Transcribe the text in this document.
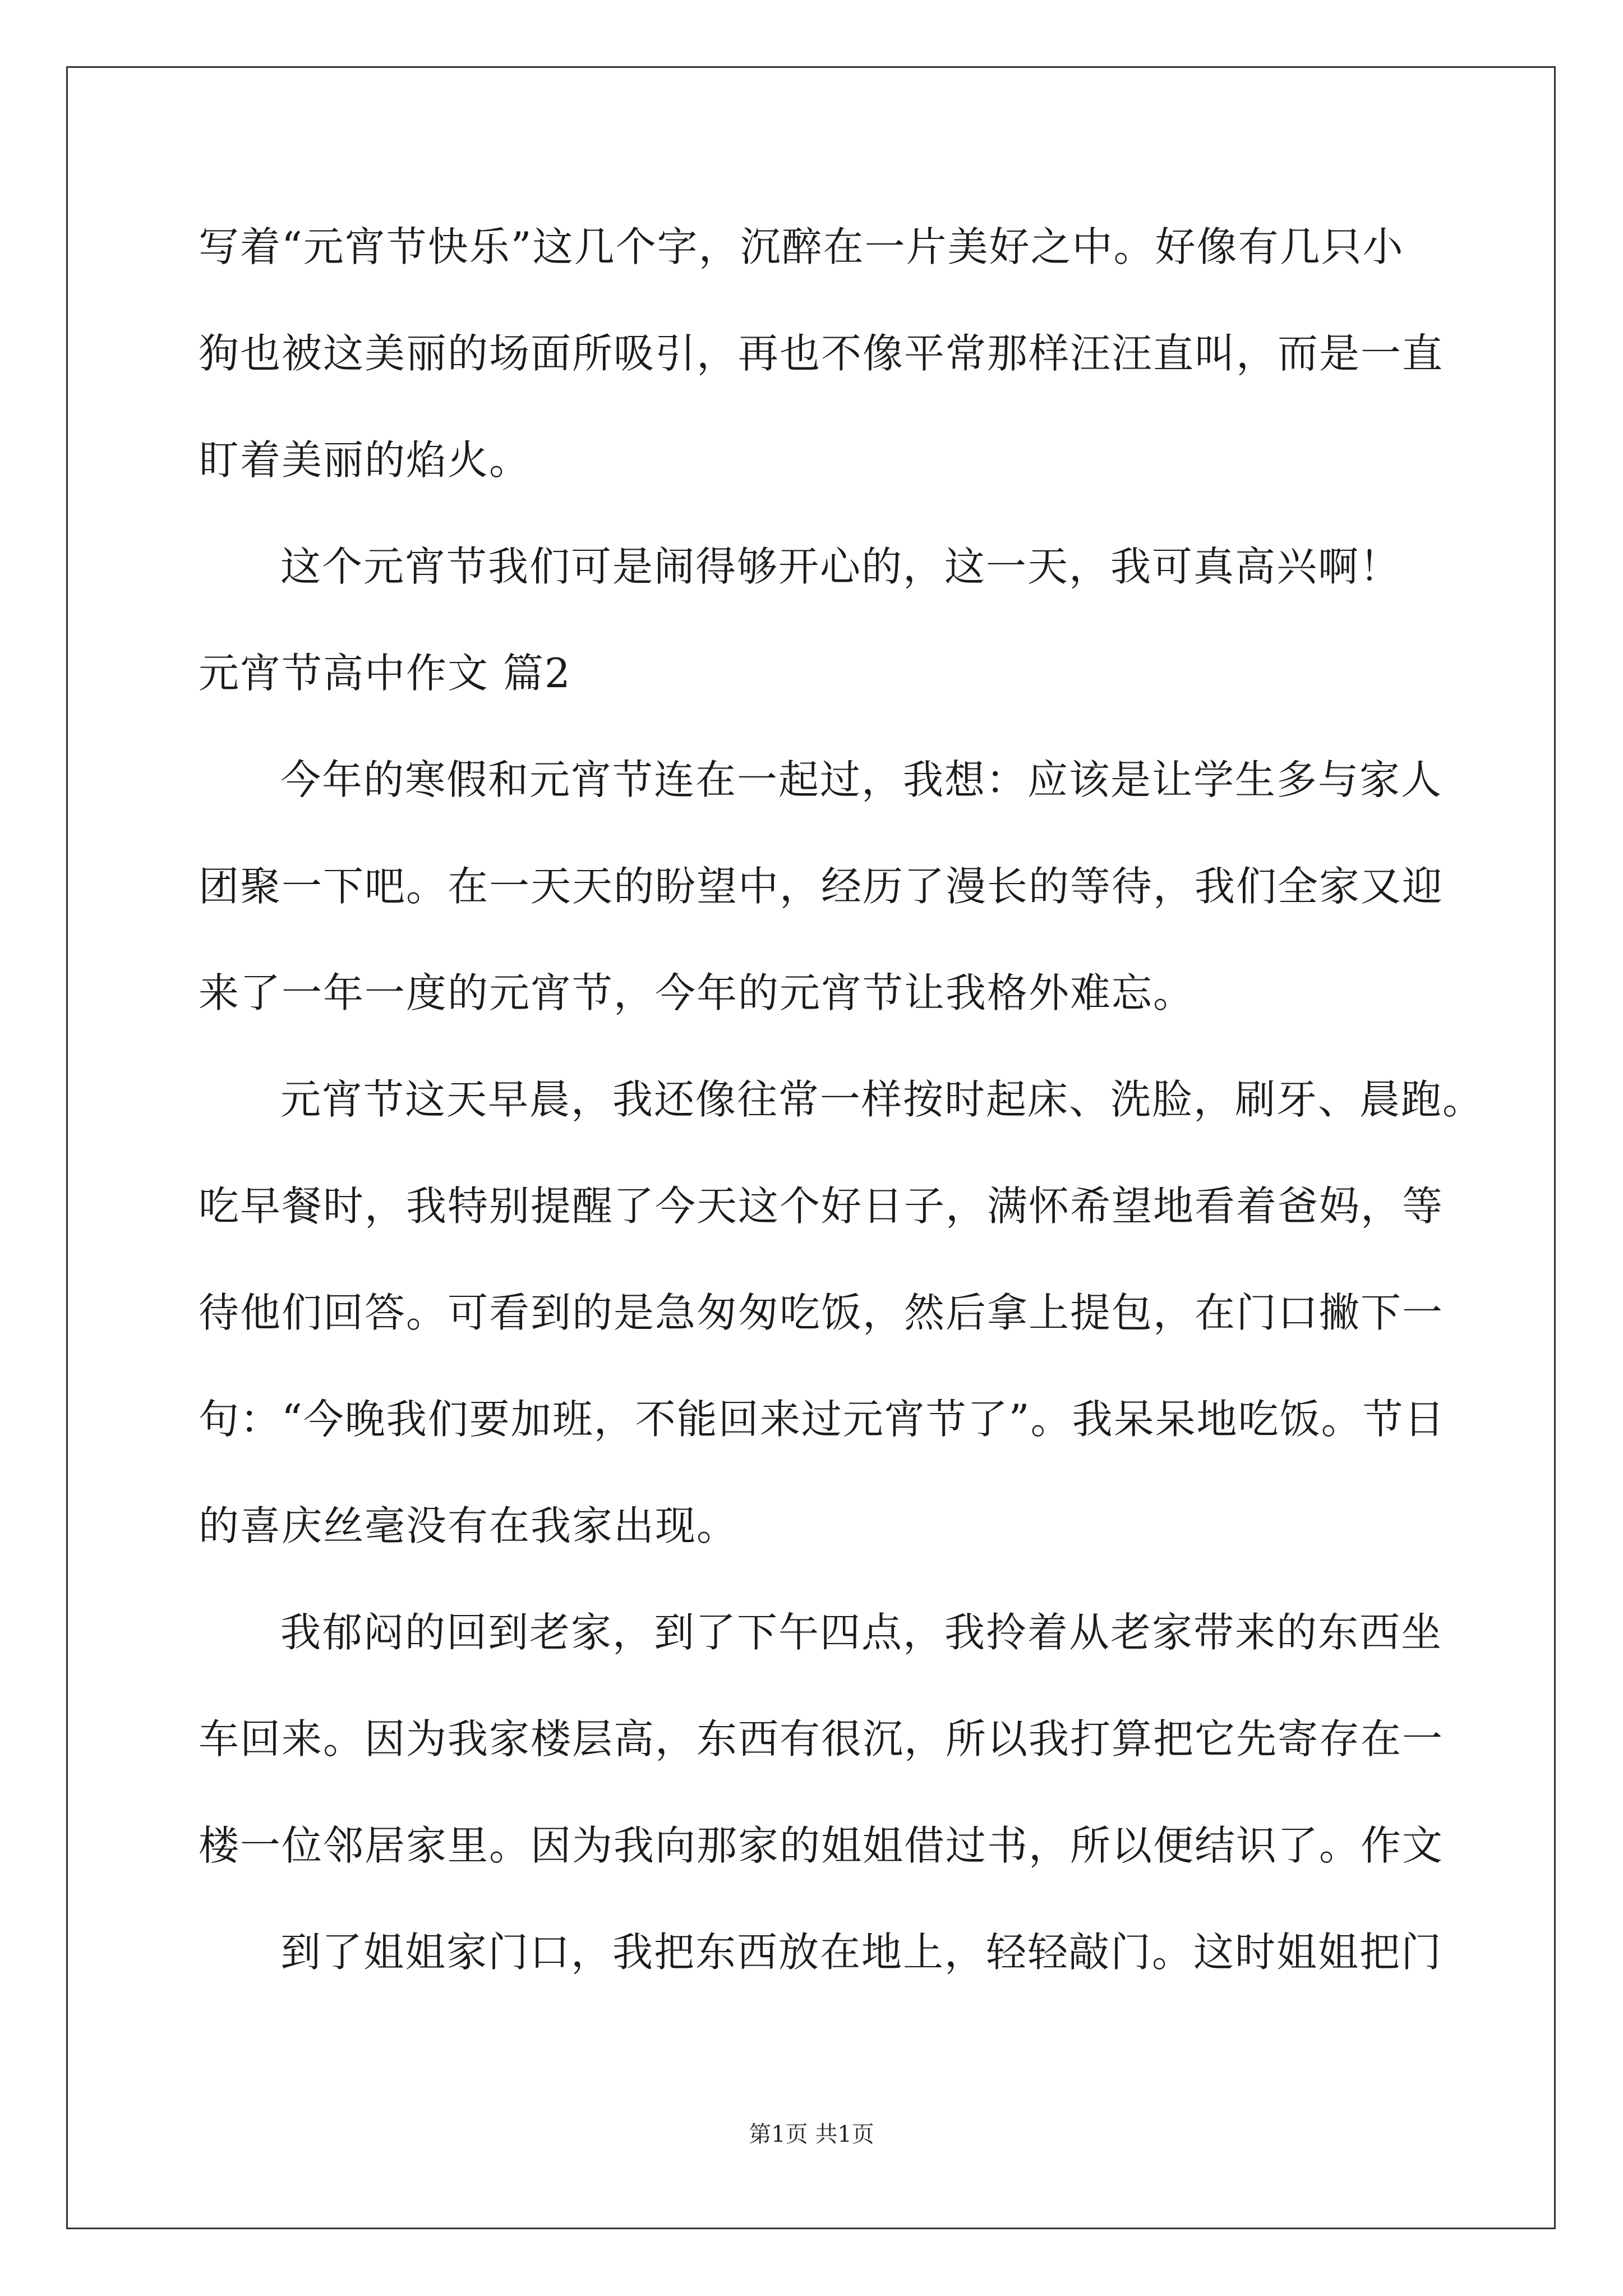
写着“元宵节快乐”这几个字，沉醉在一片美好之中。好像有几只小
狗也被这美丽的场面所吸引，再也不像平常那样汪汪直叫，而是一直
盯着美丽的焰火。
这个元宵节我们可是闹得够开心的，这一天，我可真高兴啊！
元宵节高中作文 篇2
今年的寒假和元宵节连在一起过，我想：应该是让学生多与家人
团聚一下吧。在一天天的盼望中，经历了漫长的等待，我们全家又迎
来了一年一度的元宵节，今年的元宵节让我格外难忘。
元宵节这天早晨，我还像往常一样按时起床、洗脸，刷牙、晨跑。
吃早餐时，我特别提醒了今天这个好日子，满怀希望地看着爸妈，等
待他们回答。可看到的是急匆匆吃饭，然后拿上提包，在门口撇下一
句：“今晚我们要加班，不能回来过元宵节了”。我呆呆地吃饭。节日
的喜庆丝毫没有在我家出现。
我郁闷的回到老家，到了下午四点，我拎着从老家带来的东西坐
车回来。因为我家楼层高，东西有很沉，所以我打算把它先寄存在一
楼一位邻居家里。因为我向那家的姐姐借过书，所以便结识了。作文
到了姐姐家门口，我把东西放在地上，轻轻敲门。这时姐姐把门
第1页 共1页
